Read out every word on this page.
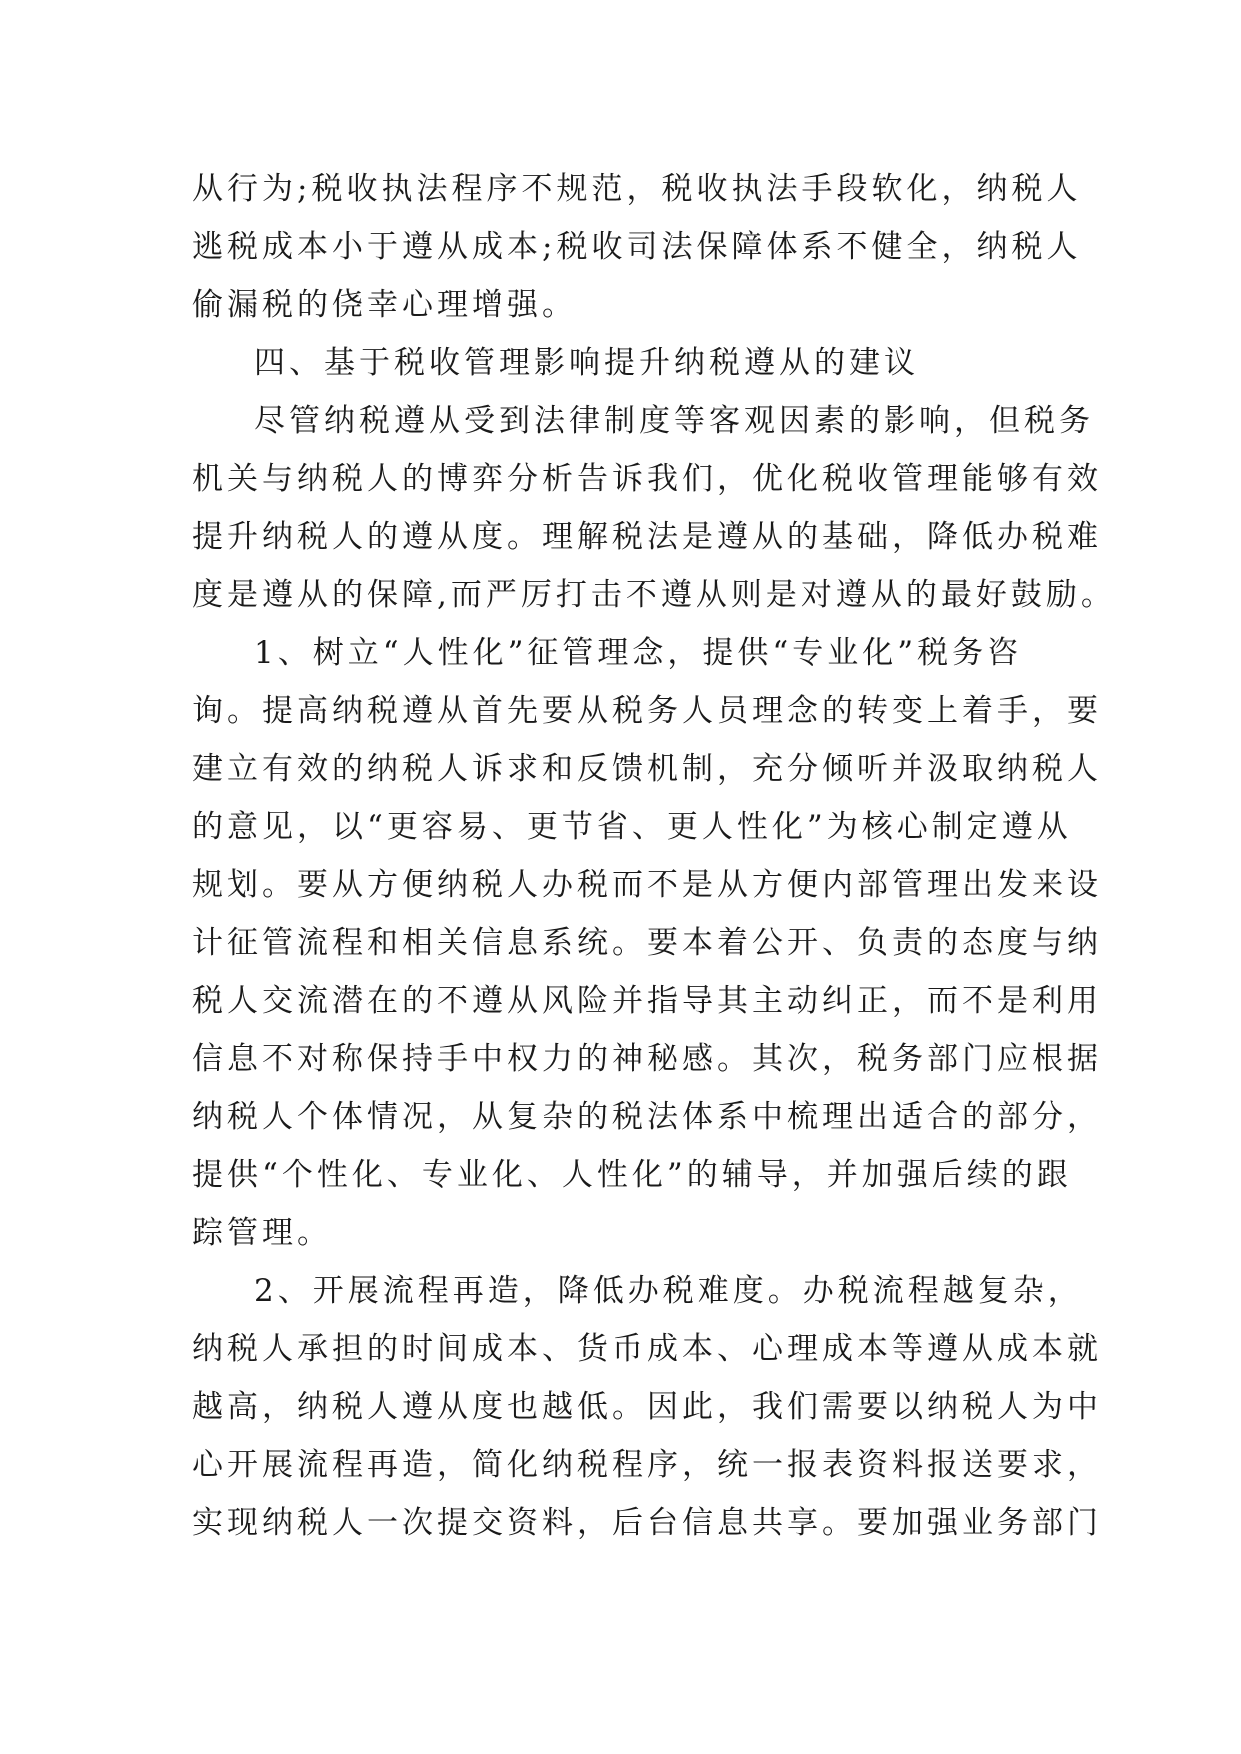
从行为;税收执法程序不规范，税收执法手段软化，纳税人
逃税成本小于遵从成本;税收司法保障体系不健全，纳税人
偷漏税的侥幸心理增强。
四、基于税收管理影响提升纳税遵从的建议
尽管纳税遵从受到法律制度等客观因素的影响，但税务
机关与纳税人的博弈分析告诉我们，优化税收管理能够有效
提升纳税人的遵从度。理解税法是遵从的基础，降低办税难
度是遵从的保障,而严厉打击不遵从则是对遵从的最好鼓励。
1、树立“人性化”征管理念，提供“专业化”税务咨
询。提高纳税遵从首先要从税务人员理念的转变上着手，要
建立有效的纳税人诉求和反馈机制，充分倾听并汲取纳税人
的意见，以“更容易、更节省、更人性化”为核心制定遵从
规划。要从方便纳税人办税而不是从方便内部管理出发来设
计征管流程和相关信息系统。要本着公开、负责的态度与纳
税人交流潜在的不遵从风险并指导其主动纠正，而不是利用
信息不对称保持手中权力的神秘感。其次，税务部门应根据
纳税人个体情况，从复杂的税法体系中梳理出适合的部分，
提供“个性化、专业化、人性化”的辅导，并加强后续的跟
踪管理。
2、开展流程再造，降低办税难度。办税流程越复杂，
纳税人承担的时间成本、货币成本、心理成本等遵从成本就
越高，纳税人遵从度也越低。因此，我们需要以纳税人为中
心开展流程再造，简化纳税程序，统一报表资料报送要求，
实现纳税人一次提交资料，后台信息共享。要加强业务部门
